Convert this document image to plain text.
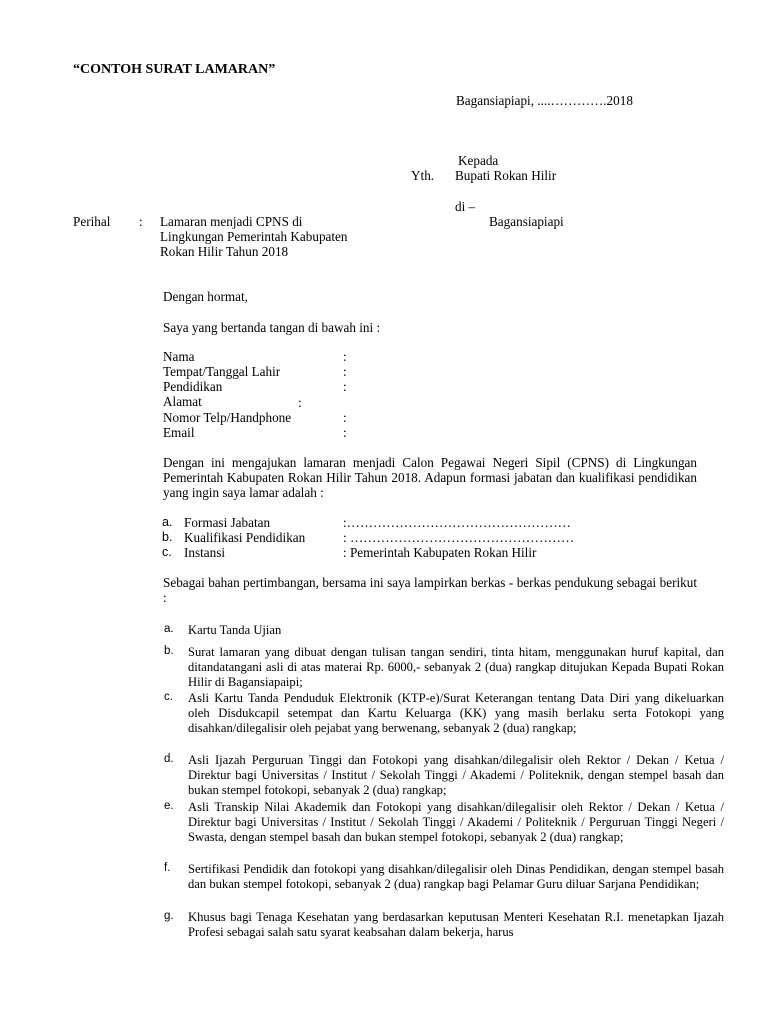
“CONTOH SURAT LAMARAN”
Bagansiapiapi, ....………….2018
Kepada
Yth. Bupati Rokan Hilir
di –
Bagansiapiapi
Perihal : Lamaran menjadi CPNS di
Lingkungan Pemerintah Kabupaten
Rokan Hilir Tahun 2018
Dengan hormat,
Saya yang bertanda tangan di bawah ini :
Nama	:
Tempat/Tanggal Lahir	:
Pendidikan	:
Alamat	:
Nomor Telp/Handphone	:
Email	:
Dengan ini mengajukan lamaran menjadi Calon Pegawai Negeri Sipil (CPNS) di Lingkungan Pemerintah Kabupaten Rokan Hilir Tahun 2018. Adapun formasi jabatan dan kualifikasi pendidikan yang ingin saya lamar adalah :
a. Formasi Jabatan	:……………………………………………
b. Kualifikasi Pendidikan	: ……………………………………………
c. Instansi	: Pemerintah Kabupaten Rokan Hilir
Sebagai bahan pertimbangan, bersama ini saya lampirkan berkas - berkas pendukung sebagai berikut :
a. Kartu Tanda Ujian
b. Surat lamaran yang dibuat dengan tulisan tangan sendiri, tinta hitam, menggunakan huruf kapital, dan ditandatangani asli di atas materai Rp. 6000,- sebanyak 2 (dua) rangkap ditujukan Kepada Bupati Rokan Hilir di Bagansiapaipi;
c. Asli Kartu Tanda Penduduk Elektronik (KTP-e)/Surat Keterangan tentang Data Diri yang dikeluarkan oleh Disdukcapil setempat dan Kartu Keluarga (KK) yang masih berlaku serta Fotokopi yang disahkan/dilegalisir oleh pejabat yang berwenang, sebanyak 2 (dua) rangkap;
d. Asli Ijazah Perguruan Tinggi dan Fotokopi yang disahkan/dilegalisir oleh Rektor / Dekan / Ketua / Direktur bagi Universitas / Institut / Sekolah Tinggi / Akademi / Politeknik, dengan stempel basah dan bukan stempel fotokopi, sebanyak 2 (dua) rangkap;
e. Asli Transkip Nilai Akademik dan Fotokopi yang disahkan/dilegalisir oleh Rektor / Dekan / Ketua / Direktur bagi Universitas / Institut / Sekolah Tinggi / Akademi / Politeknik / Perguruan Tinggi Negeri / Swasta, dengan stempel basah dan bukan stempel fotokopi, sebanyak 2 (dua) rangkap;
f. Sertifikasi Pendidik dan fotokopi yang disahkan/dilegalisir oleh Dinas Pendidikan, dengan stempel basah dan bukan stempel fotokopi, sebanyak 2 (dua) rangkap bagi Pelamar Guru diluar Sarjana Pendidikan;
g. Khusus bagi Tenaga Kesehatan yang berdasarkan keputusan Menteri Kesehatan R.I. menetapkan Ijazah Profesi sebagai salah satu syarat keabsahan dalam bekerja, harus
